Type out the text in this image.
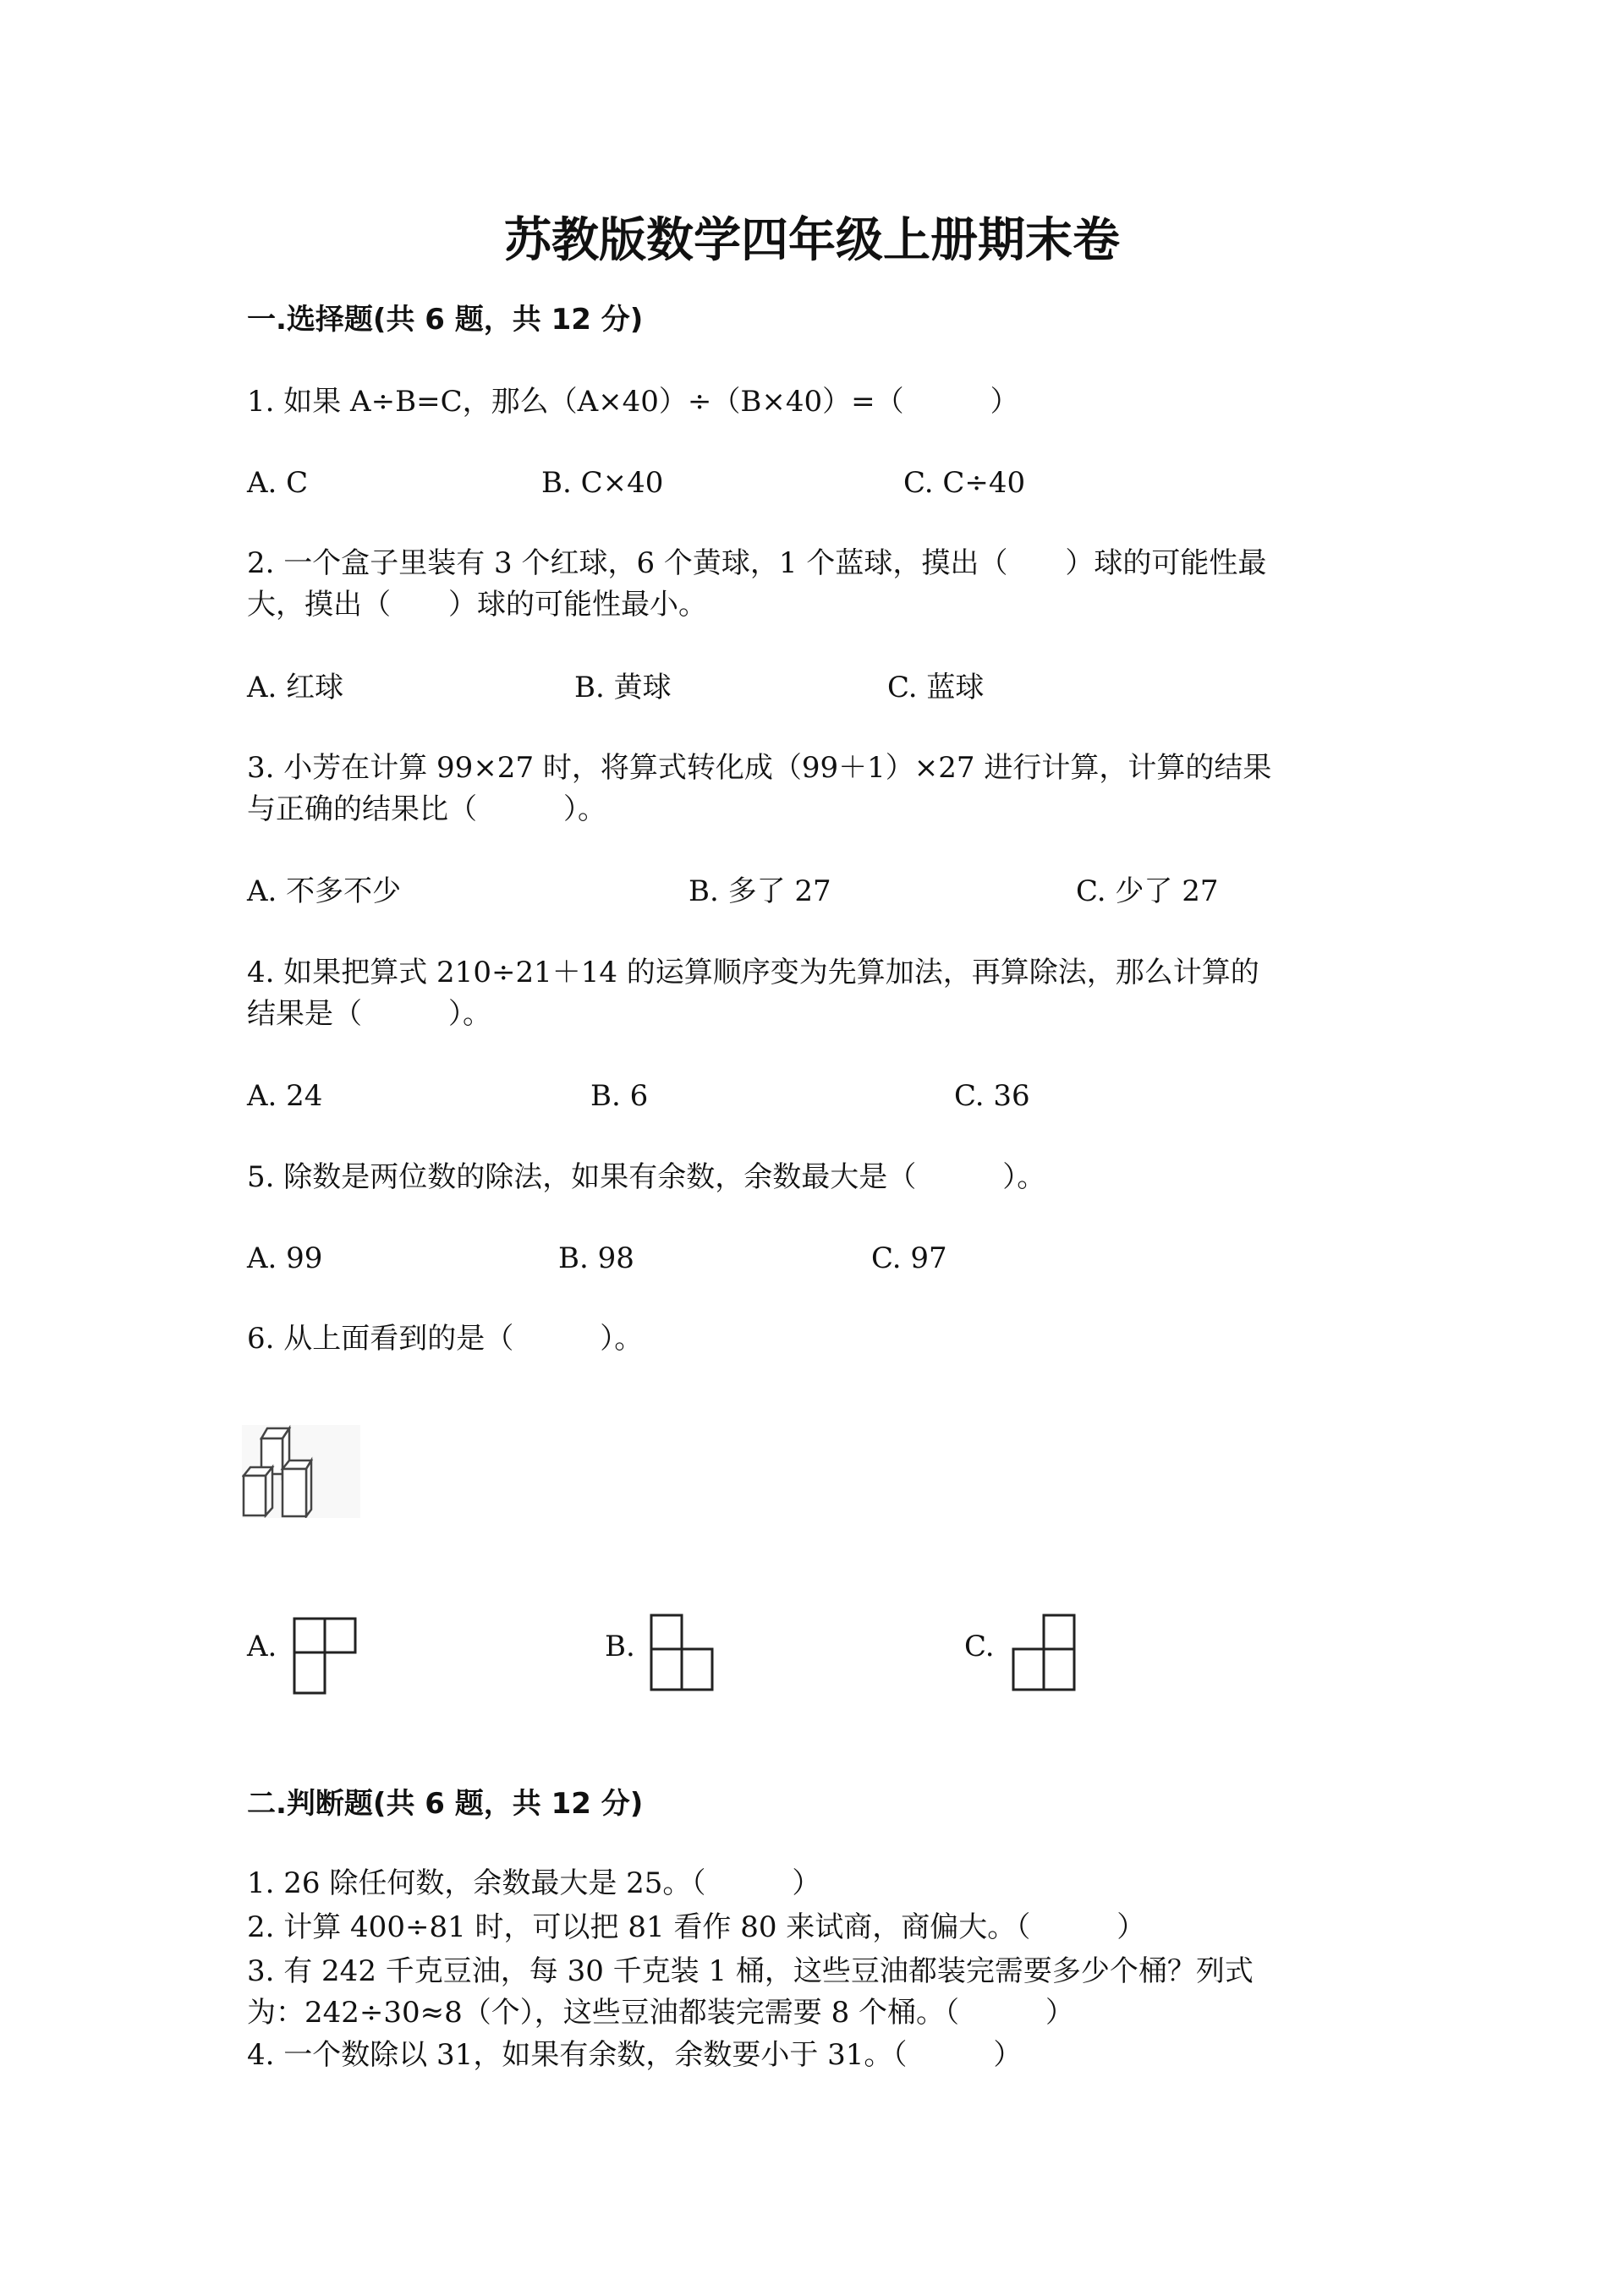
苏教版数学四年级上册期末卷
一.选择题(共 6 题，共 12 分)
1. 如果 A÷B=C，那么（A×40）÷（B×40）=（　　　）
A. C	B. C×40	C. C÷40
2. 一个盒子里装有 3 个红球，6 个黄球，1 个蓝球，摸出（　　）球的可能性最
大，摸出（　　）球的可能性最小。
A. 红球	B. 黄球	C. 蓝球
3. 小芳在计算 99×27 时，将算式转化成（99＋1）×27 进行计算，计算的结果
与正确的结果比（　　　）。
A. 不多不少	B. 多了 27	C. 少了 27
4. 如果把算式 210÷21＋14 的运算顺序变为先算加法，再算除法，那么计算的
结果是（　　　）。
A. 24	B. 6	C. 36
5. 除数是两位数的除法，如果有余数，余数最大是（　　　）。
A. 99	B. 98	C. 97
6. 从上面看到的是（　　　）。
A.	B.	C.
二.判断题(共 6 题，共 12 分)
1. 26 除任何数，余数最大是 25。（　　　）
2. 计算 400÷81 时，可以把 81 看作 80 来试商，商偏大。（　　　）
3. 有 242 千克豆油，每 30 千克装 1 桶，这些豆油都装完需要多少个桶？列式
为：242÷30≈8（个），这些豆油都装完需要 8 个桶。（　　　）
4. 一个数除以 31，如果有余数，余数要小于 31。（　　　）
